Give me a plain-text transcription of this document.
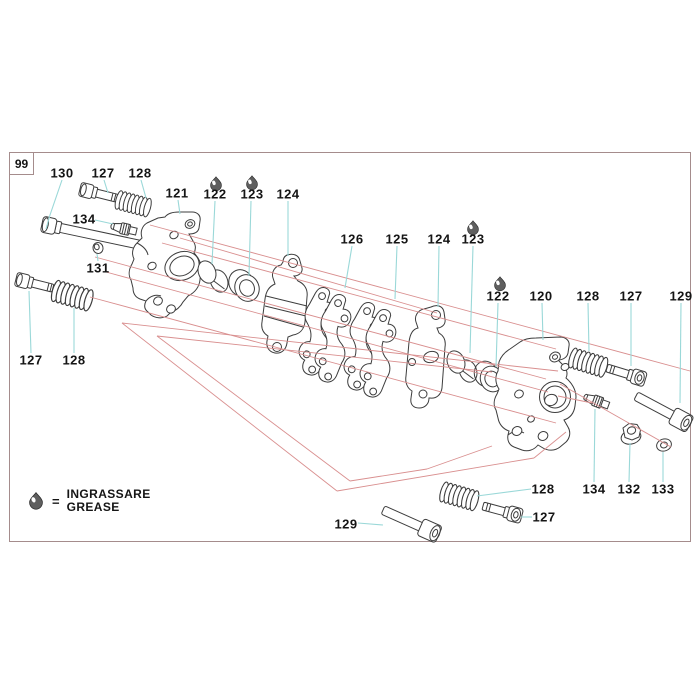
99
130 127 128
121 122 123 124
126 125 124 123
122 120 128 127 129
134
131
127 128
128
127
134 132 133
129
= INGRASSARE
GREASE
